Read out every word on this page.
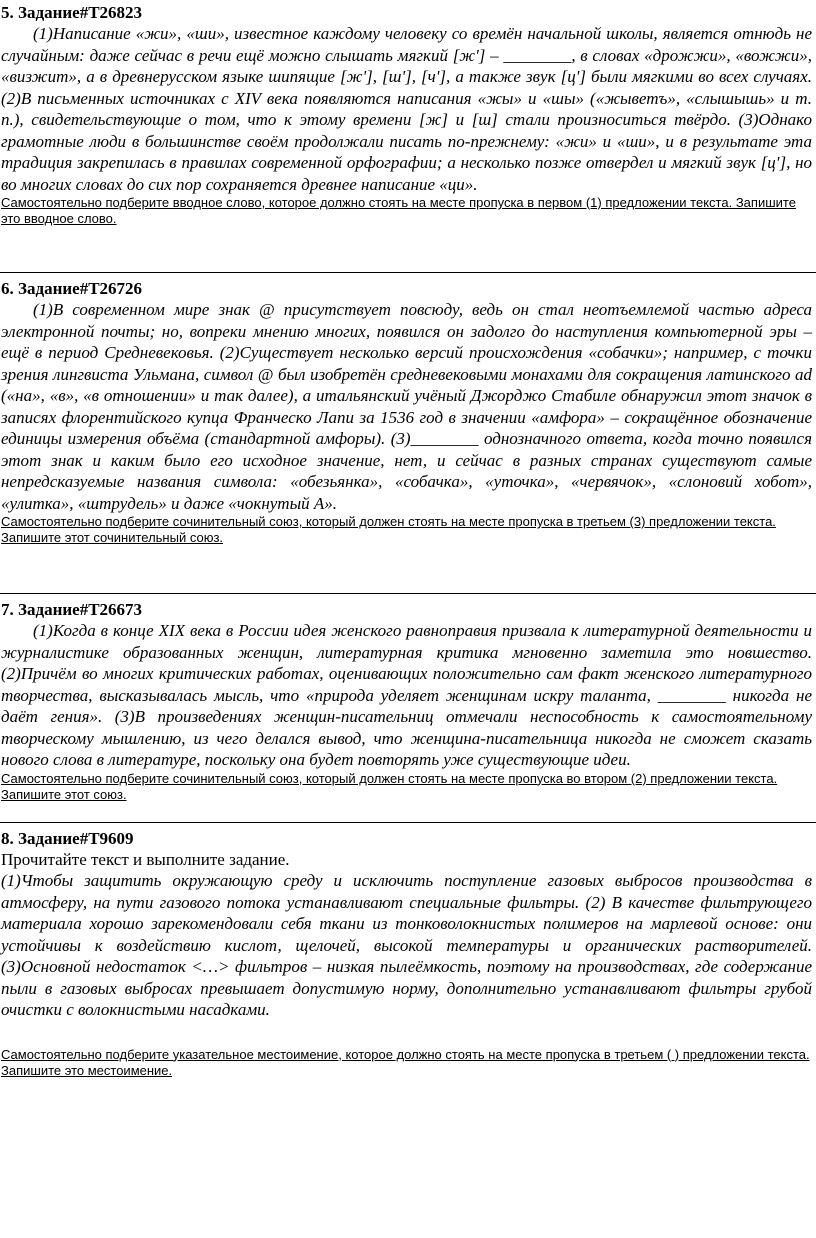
5. Задание#T26823

(1)Написание «жи», «ши», известное каждому человеку со времён начальной школы, является отнюдь не случайным: даже сейчас в речи ещё можно слышать мягкий [ж'] – ________, в словах «дрожжи», «вожжи», «визжит», а в древнерусском языке шипящие [ж'], [ш'], [ч'], а также звук [ц'] были мягкими во всех случаях. (2)В письменных источниках с XIV века появляются написания «жы» и «шы» («жыветъ», «слышышь» и т. п.), свидетельствующие о том, что к этому времени [ж] и [ш] стали произноситься твёрдо. (3)Однако грамотные люди в большинстве своём продолжали писать по-прежнему: «жи» и «ши», и в результате эта традиция закрепилась в правилах современной орфографии; а несколько позже отвердел и мягкий звук [ц'], но во многих словах до сих пор сохраняется древнее написание «ци».

Самостоятельно подберите вводное слово, которое должно стоять на месте пропуска в первом (1) предложении текста. Запишите это вводное слово.

6. Задание#T26726

(1)В современном мире знак @ присутствует повсюду, ведь он стал неотъемлемой частью адреса электронной почты; но, вопреки мнению многих, появился он задолго до наступления компьютерной эры – ещё в период Средневековья. (2)Существует несколько версий происхождения «собачки»; например, с точки зрения лингвиста Ульмана, символ @ был изобретён средневековыми монахами для сокращения латинского ad («на», «в», «в отношении» и так далее), а итальянский учёный Джорджо Стабиле обнаружил этот значок в записях флорентийского купца Франческо Лапи за 1536 год в значении «амфора» – сокращённое обозначение единицы измерения объёма (стандартной амфоры). (3)________ однозначного ответа, когда точно появился этот знак и каким было его исходное значение, нет, и сейчас в разных странах существуют самые непредсказуемые названия символа: «обезьянка», «собачка», «уточка», «червячок», «слоновий хобот», «улитка», «штрудель» и даже «чокнутый А».

Самостоятельно подберите сочинительный союз, который должен стоять на месте пропуска в третьем (3) предложении текста. Запишите этот сочинительный союз.

7. Задание#T26673

(1)Когда в конце XIX века в России идея женского равноправия призвала к литературной деятельности и журналистике образованных женщин, литературная критика мгновенно заметила это новшество. (2)Причём во многих критических работах, оценивающих положительно сам факт женского литературного творчества, высказывалась мысль, что «природа уделяет женщинам искру таланта, ________ никогда не даёт гения». (3)В произведениях женщин-писательниц отмечали неспособность к самостоятельному творческому мышлению, из чего делался вывод, что женщина-писательница никогда не сможет сказать нового слова в литературе, поскольку она будет повторять уже существующие идеи.

Самостоятельно подберите сочинительный союз, который должен стоять на месте пропуска во втором (2) предложении текста. Запишите этот союз.

8. Задание#T9609

Прочитайте текст и выполните задание.

(1)Чтобы защитить окружающую среду и исключить поступление газовых выбросов производства в атмосферу, на пути газового потока устанавливают специальные фильтры. (2) В качестве фильтрующего материала хорошо зарекомендовали себя ткани из тонковолокнистых полимеров на марлевой основе: они устойчивы к воздействию кислот, щелочей, высокой температуры и органических растворителей. (3)Основной недостаток <…> фильтров – низкая пылеёмкость, поэтому на производствах, где содержание пыли в газовых выбросах превышает допустимую норму, дополнительно устанавливают фильтры грубой очистки с волокнистыми насадками.

Самостоятельно подберите указательное местоимение, которое должно стоять на месте пропуска в третьем ( ) предложении текста. Запишите это местоимение.
